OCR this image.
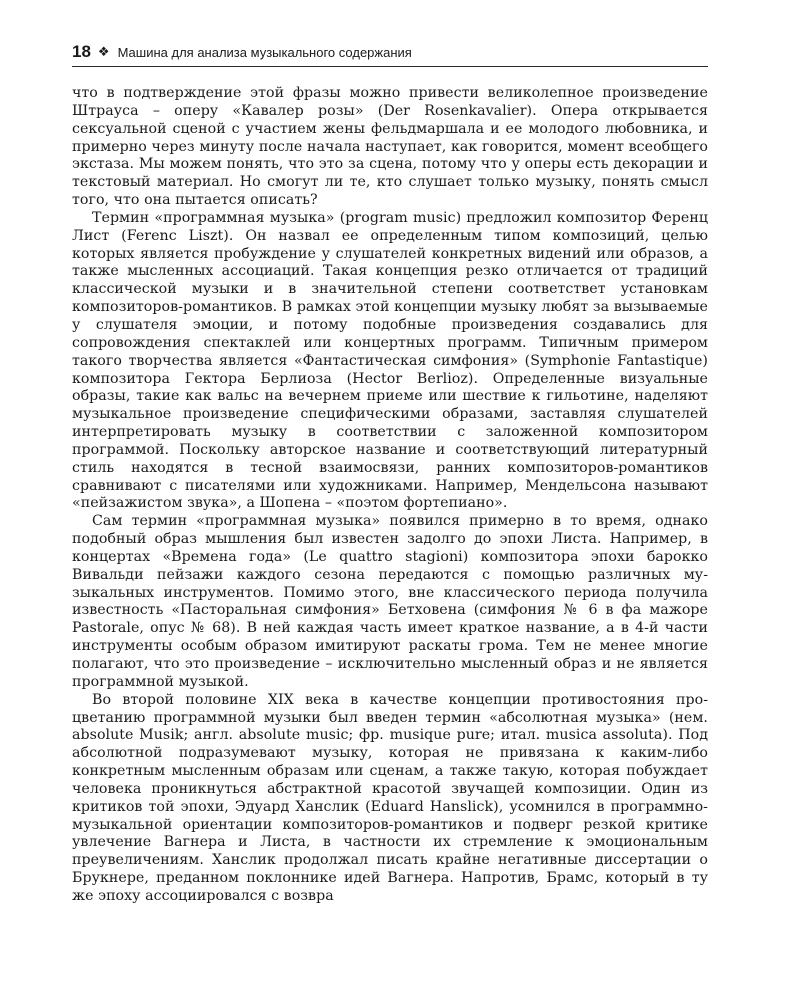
18 ❖ Машина для анализа музыкального содержания

что в подтверждение этой фразы можно привести великолепное произведение Штрауса – оперу «Кавалер розы» (Der Rosenkavalier). Опера открывается сексуальной сценой с участием жены фельдмаршала и ее молодого любовника, и примерно через минуту после начала наступает, как говорится, момент всеобщего экстаза. Мы можем понять, что это за сцена, потому что у оперы есть декорации и текстовый материал. Но смогут ли те, кто слушает только музыку, понять смысл того, что она пытается описать?

Термин «программная музыка» (program music) предложил композитор Ференц Лист (Ferenc Liszt). Он назвал ее определенным типом композиций, целью которых является пробуждение у слушателей конкретных видений или образов, а также мысленных ассоциаций. Такая концепция резко отличается от традиций классической музыки и в значительной степени соответствет установкам композиторов-романтиков. В рамках этой концепции музыку любят за вызываемые у слушателя эмоции, и потому подобные произведения создавались для сопровождения спектаклей или концертных программ. Типичным примером такого творчества является «Фантастическая симфония» (Symphonie Fantastique) композитора Гектора Берлиоза (Hector Berlioz). Определенные визуальные образы, такие как вальс на вечернем приеме или шествие к гильотине, наделяют музыкальное произведение специфическими образами, заставляя слушателей интерпретировать музыку в соответствии с заложенной композитором программой. Поскольку авторское название и соответствующий литературный стиль находятся в тесной взаимосвязи, ранних композиторов-романтиков сравнивают с писателями или художниками. Например, Мендельсона называют «пейзажистом звука», а Шопена – «поэтом фортепиано».

Сам термин «программная музыка» появился примерно в то время, однако подобный образ мышления был известен задолго до эпохи Листа. Например, в концертах «Времена года» (Le quattro stagioni) композитора эпохи барокко Вивальди пейзажи каждого сезона передаются с помощью различных музыкальных инструментов. Помимо этого, вне классического периода получила известность «Пасторальная симфония» Бетховена (симфония № 6 в фа мажоре Pastorale, опус № 68). В ней каждая часть имеет краткое название, а в 4-й части инструменты особым образом имитируют раскаты грома. Тем не менее многие полагают, что это произведение – исключительно мысленный образ и не является программной музыкой.

Во второй половине XIX века в качестве концепции противостояния процветанию программной музыки был введен термин «абсолютная музыка» (нем. absolute Musik; англ. absolute music; фр. musique pure; итал. musica assoluta). Под абсолютной подразумевают музыку, которая не привязана к каким-либо конкретным мысленным образам или сценам, а также такую, которая побуждает человека проникнуться абстрактной красотой звучащей композиции. Один из критиков той эпохи, Эдуард Ханслик (Eduard Hanslick), усомнился в программно-музыкальной ориентации композиторов-романтиков и подверг резкой критике увлечение Вагнера и Листа, в частности их стремление к эмоциональным преувеличениям. Ханслик продолжал писать крайне негативные диссертации о Брукнере, преданном поклоннике идей Вагнера. Напротив, Брамс, который в ту же эпоху ассоциировался с возвра
